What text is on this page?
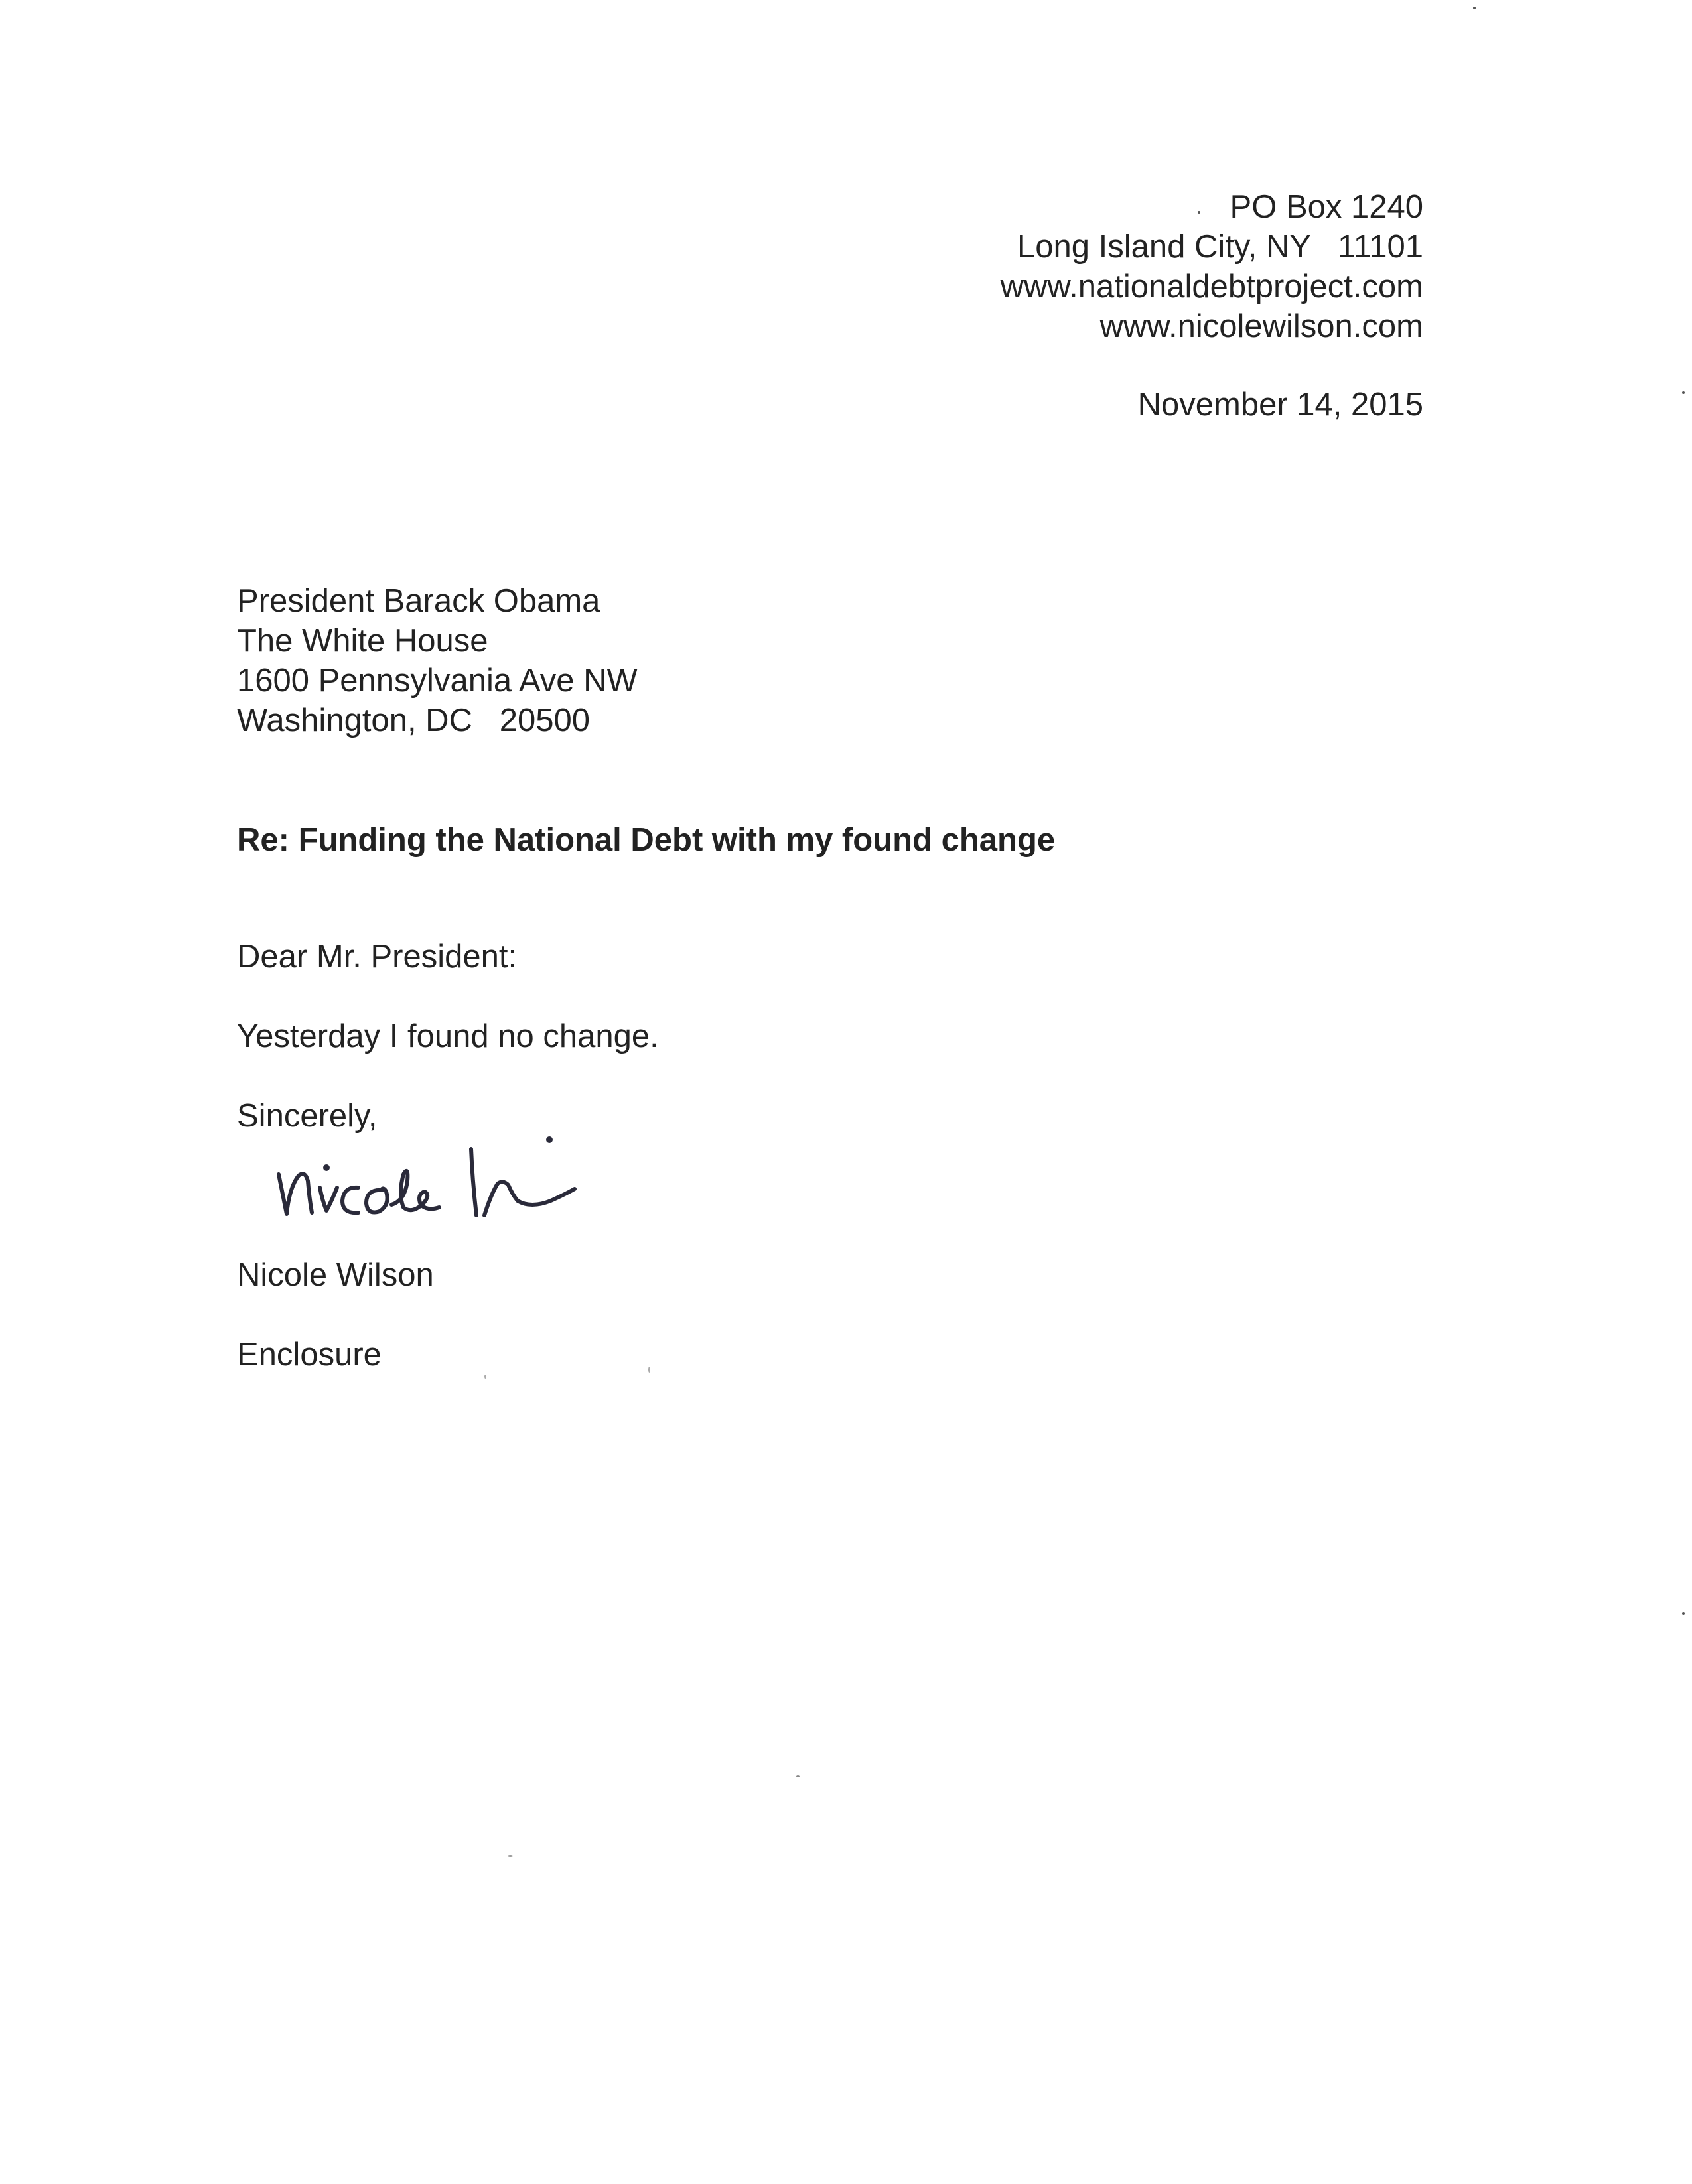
PO Box 1240
Long Island City, NY   11101
www.nationaldebtproject.com
www.nicolewilson.com
November 14, 2015
President Barack Obama
The White House
1600 Pennsylvania Ave NW
Washington, DC   20500
Re: Funding the National Debt with my found change
Dear Mr. President:
Yesterday I found no change.
Sincerely,
Nicole Wilson
Enclosure
